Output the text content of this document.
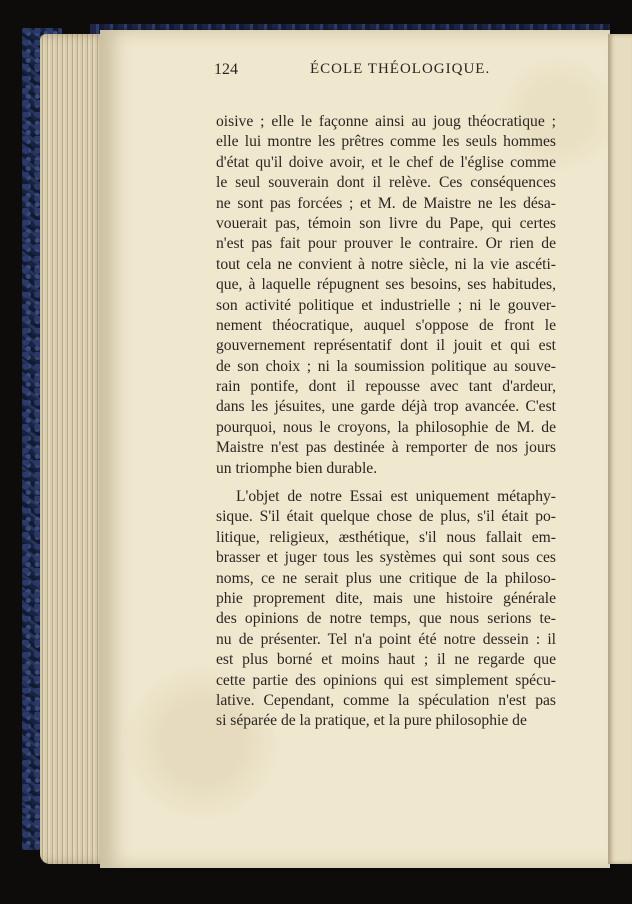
124	ÉCOLE THÉOLOGIQUE.
oisive ; elle le façonne ainsi au joug théocratique ;
elle lui montre les prêtres comme les seuls hommes
d'état qu'il doive avoir, et le chef de l'église comme
le seul souverain dont il relève. Ces conséquences
ne sont pas forcées ; et M. de Maistre ne les désa-
vouerait pas, témoin son livre du Pape, qui certes
n'est pas fait pour prouver le contraire. Or rien de
tout cela ne convient à notre siècle, ni la vie ascéti-
que, à laquelle répugnent ses besoins, ses habitudes,
son activité politique et industrielle ; ni le gouver-
nement théocratique, auquel s'oppose de front le
gouvernement représentatif dont il jouit et qui est
de son choix ; ni la soumission politique au souve-
rain pontife, dont il repousse avec tant d'ardeur,
dans les jésuites, une garde déjà trop avancée. C'est
pourquoi, nous le croyons, la philosophie de M. de
Maistre n'est pas destinée à remporter de nos jours
un triomphe bien durable.
L'objet de notre Essai est uniquement métaphy-
sique. S'il était quelque chose de plus, s'il était po-
litique, religieux, æsthétique, s'il nous fallait em-
brasser et juger tous les systèmes qui sont sous ces
noms, ce ne serait plus une critique de la philoso-
phie proprement dite, mais une histoire générale
des opinions de notre temps, que nous serions te-
nu de présenter. Tel n'a point été notre dessein : il
est plus borné et moins haut ; il ne regarde que
cette partie des opinions qui est simplement spécu-
lative. Cependant, comme la spéculation n'est pas
si séparée de la pratique, et la pure philosophie de
